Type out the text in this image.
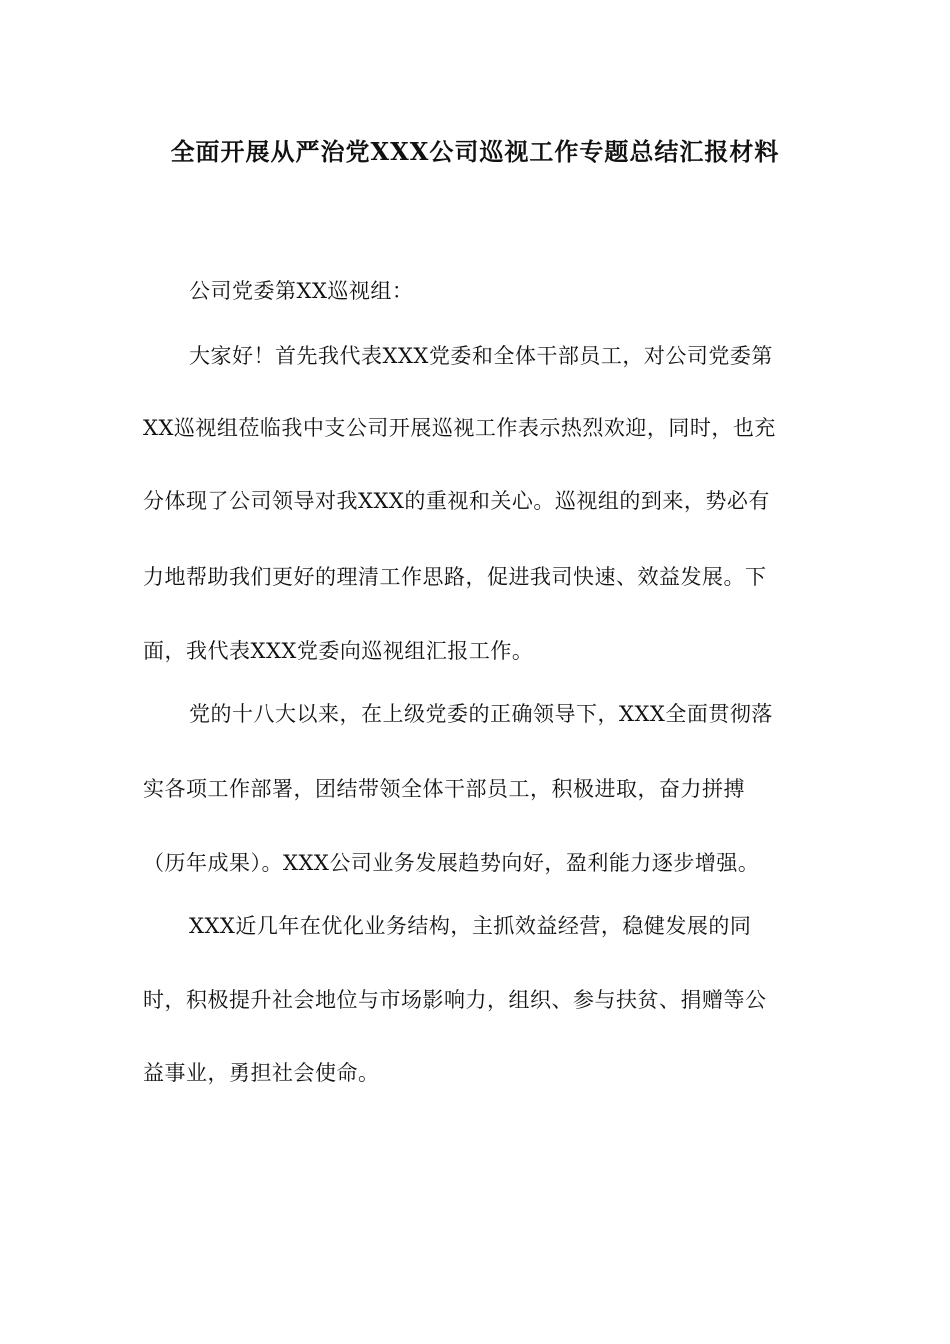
全面开展从严治党XXX公司巡视工作专题总结汇报材料
公司党委第XX巡视组：
大家好！首先我代表XXX党委和全体干部员工，对公司党委第
XX巡视组莅临我中支公司开展巡视工作表示热烈欢迎，同时，也充
分体现了公司领导对我XXX的重视和关心。巡视组的到来，势必有
力地帮助我们更好的理清工作思路，促进我司快速、效益发展。下
面，我代表XXX党委向巡视组汇报工作。
党的十八大以来，在上级党委的正确领导下，XXX全面贯彻落
实各项工作部署，团结带领全体干部员工，积极进取，奋力拼搏
（历年成果）。XXX公司业务发展趋势向好，盈利能力逐步增强。
XXX近几年在优化业务结构，主抓效益经营，稳健发展的同
时，积极提升社会地位与市场影响力，组织、参与扶贫、捐赠等公
益事业，勇担社会使命。
